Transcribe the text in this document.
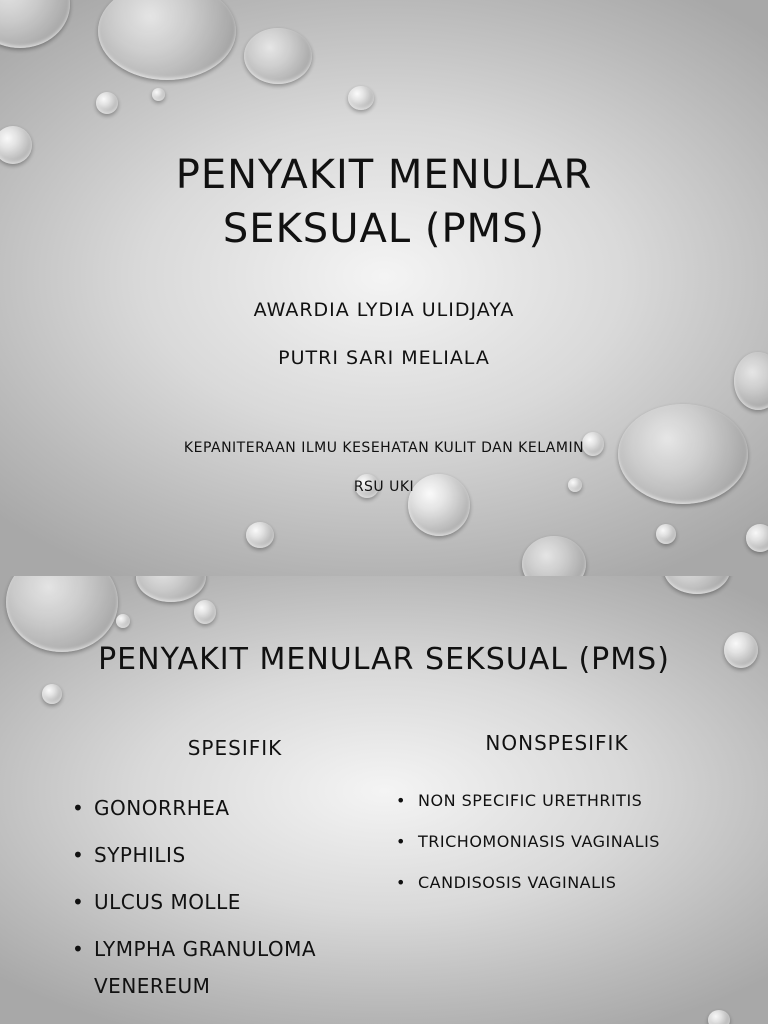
PENYAKIT MENULAR
SEKSUAL (PMS)
AWARDIA LYDIA ULIDJAYA
PUTRI SARI MELIALA
KEPANITERAAN ILMU KESEHATAN KULIT DAN KELAMIN
RSU UKI
PENYAKIT MENULAR SEKSUAL (PMS)
SPESIFIK	NONSPESIFIK
• GONORRHEA
• SYPHILIS
• ULCUS MOLLE
• LYMPHA GRANULOMA VENEREUM
• NON SPECIFIC URETHRITIS
• TRICHOMONIASIS VAGINALIS
• CANDISOSIS VAGINALIS
